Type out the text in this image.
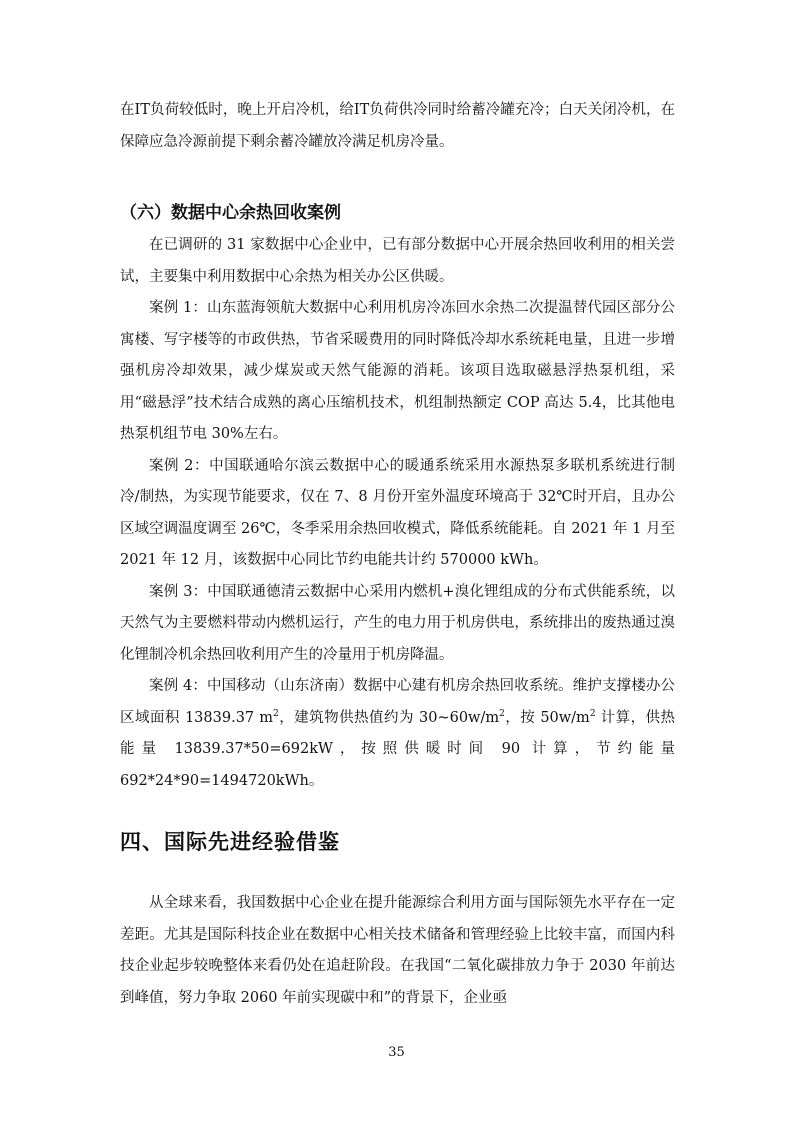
在IT负荷较低时，晚上开启冷机，给IT负荷供冷同时给蓄冷罐充冷；白天关闭冷机，在保障应急冷源前提下剩余蓄冷罐放冷满足机房冷量。

（六）数据中心余热回收案例

在已调研的 31 家数据中心企业中，已有部分数据中心开展余热回收利用的相关尝试，主要集中利用数据中心余热为相关办公区供暖。

案例 1：山东蓝海领航大数据中心利用机房冷冻回水余热二次提温替代园区部分公寓楼、写字楼等的市政供热，节省采暖费用的同时降低冷却水系统耗电量，且进一步增强机房冷却效果，减少煤炭或天然气能源的消耗。该项目选取磁悬浮热泵机组，采用“磁悬浮”技术结合成熟的离心压缩机技术，机组制热额定 COP 高达 5.4，比其他电热泵机组节电 30%左右。

案例 2：中国联通哈尔滨云数据中心的暖通系统采用水源热泵多联机系统进行制冷/制热，为实现节能要求，仅在 7、8 月份开室外温度环境高于 32℃时开启，且办公区域空调温度调至 26℃，冬季采用余热回收模式，降低系统能耗。自 2021 年 1 月至 2021 年 12 月，该数据中心同比节约电能共计约 570000 kWh。

案例 3：中国联通德清云数据中心采用内燃机+溴化锂组成的分布式供能系统，以天然气为主要燃料带动内燃机运行，产生的电力用于机房供电，系统排出的废热通过溴化锂制冷机余热回收利用产生的冷量用于机房降温。

案例 4：中国移动（山东济南）数据中心建有机房余热回收系统。维护支撑楼办公区域面积 13839.37 $m^2$，建筑物供热值约为 $30\sim 60w/m^2$，按 $50w/m^2$ 计算，供热能量 13839.37*50=692kW，按照供暖时间 90 计算，节约能量 692*24*90=1494720kWh。

四、国际先进经验借鉴

从全球来看，我国数据中心企业在提升能源综合利用方面与国际领先水平存在一定差距。尤其是国际科技企业在数据中心相关技术储备和管理经验上比较丰富，而国内科技企业起步较晚整体来看仍处在追赶阶段。在我国“二氧化碳排放力争于 2030 年前达到峰值，努力争取 2060 年前实现碳中和”的背景下，企业亟

35
